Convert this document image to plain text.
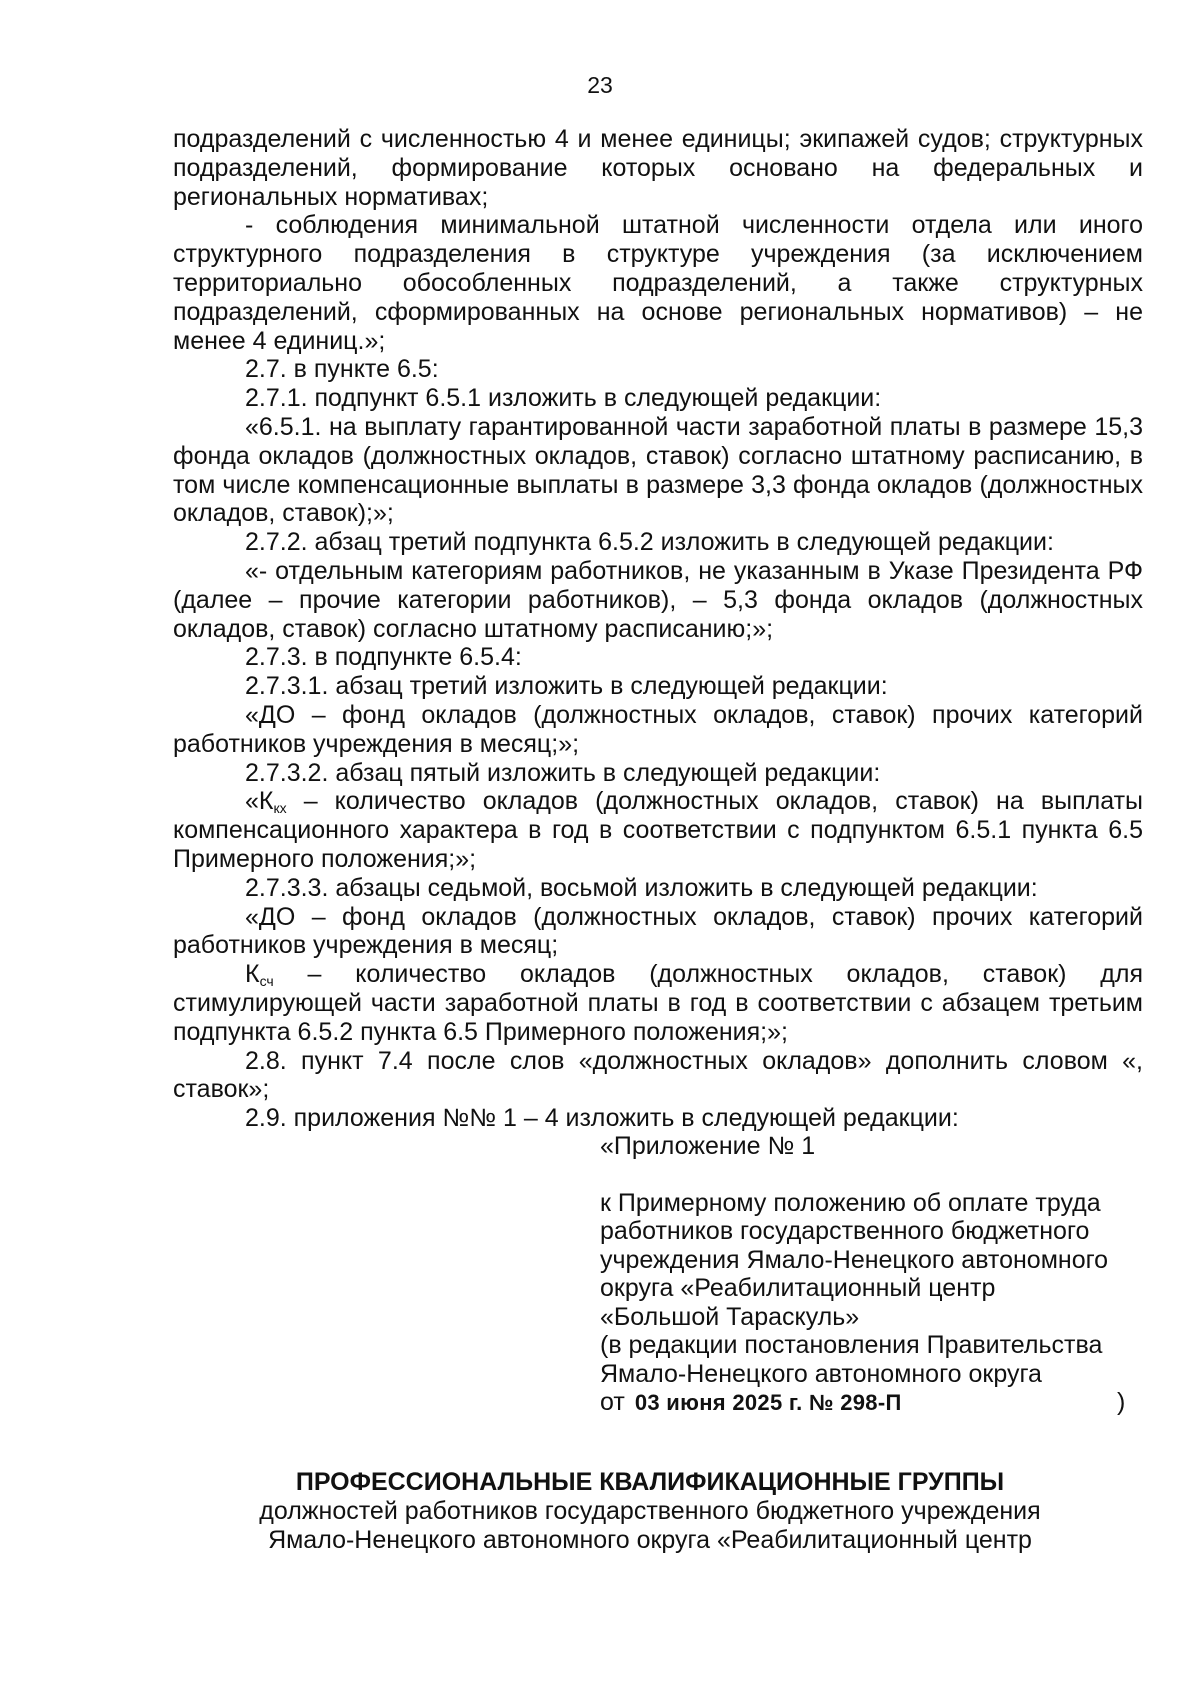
23

подразделений с численностью 4 и менее единицы; экипажей судов; структурных подразделений, формирование которых основано на федеральных и региональных нормативах;

- соблюдения минимальной штатной численности отдела или иного структурного подразделения в структуре учреждения (за исключением территориально обособленных подразделений, а также структурных подразделений, сформированных на основе региональных нормативов) – не менее 4 единиц.»;

2.7. в пункте 6.5:

2.7.1. подпункт 6.5.1 изложить в следующей редакции:

«6.5.1. на выплату гарантированной части заработной платы в размере 15,3 фонда окладов (должностных окладов, ставок) согласно штатному расписанию, в том числе компенсационные выплаты в размере 3,3 фонда окладов (должностных окладов, ставок);»;

2.7.2. абзац третий подпункта 6.5.2 изложить в следующей редакции:

«- отдельным категориям работников, не указанным в Указе Президента РФ (далее – прочие категории работников), – 5,3 фонда окладов (должностных окладов, ставок) согласно штатному расписанию;»;

2.7.3. в подпункте 6.5.4:

2.7.3.1. абзац третий изложить в следующей редакции:

«ДО – фонд окладов (должностных окладов, ставок) прочих категорий работников учреждения в месяц;»;

2.7.3.2. абзац пятый изложить в следующей редакции:

«$К_{кх}$ – количество окладов (должностных окладов, ставок) на выплаты компенсационного характера в год в соответствии с подпунктом 6.5.1 пункта 6.5 Примерного положения;»;

2.7.3.3. абзацы седьмой, восьмой изложить в следующей редакции:

«ДО – фонд окладов (должностных окладов, ставок) прочих категорий работников учреждения в месяц;

$К_{сч}$ – количество окладов (должностных окладов, ставок) для стимулирующей части заработной платы в год в соответствии с абзацем третьим подпункта 6.5.2 пункта 6.5 Примерного положения;»;

2.8. пункт 7.4 после слов «должностных окладов» дополнить словом «, ставок»;

2.9. приложения №№ 1 – 4 изложить в следующей редакции:

«Приложение № 1

к Примерному положению об оплате труда

работников государственного бюджетного

учреждения Ямало-Ненецкого автономного

округа «Реабилитационный центр

«Большой Тараскуль»

(в редакции постановления Правительства

Ямало-Ненецкого автономного округа

от 03 июня 2025 г. № 298-П	)

ПРОФЕССИОНАЛЬНЫЕ КВАЛИФИКАЦИОННЫЕ ГРУППЫ

должностей работников государственного бюджетного учреждения

Ямало-Ненецкого автономного округа «Реабилитационный центр
